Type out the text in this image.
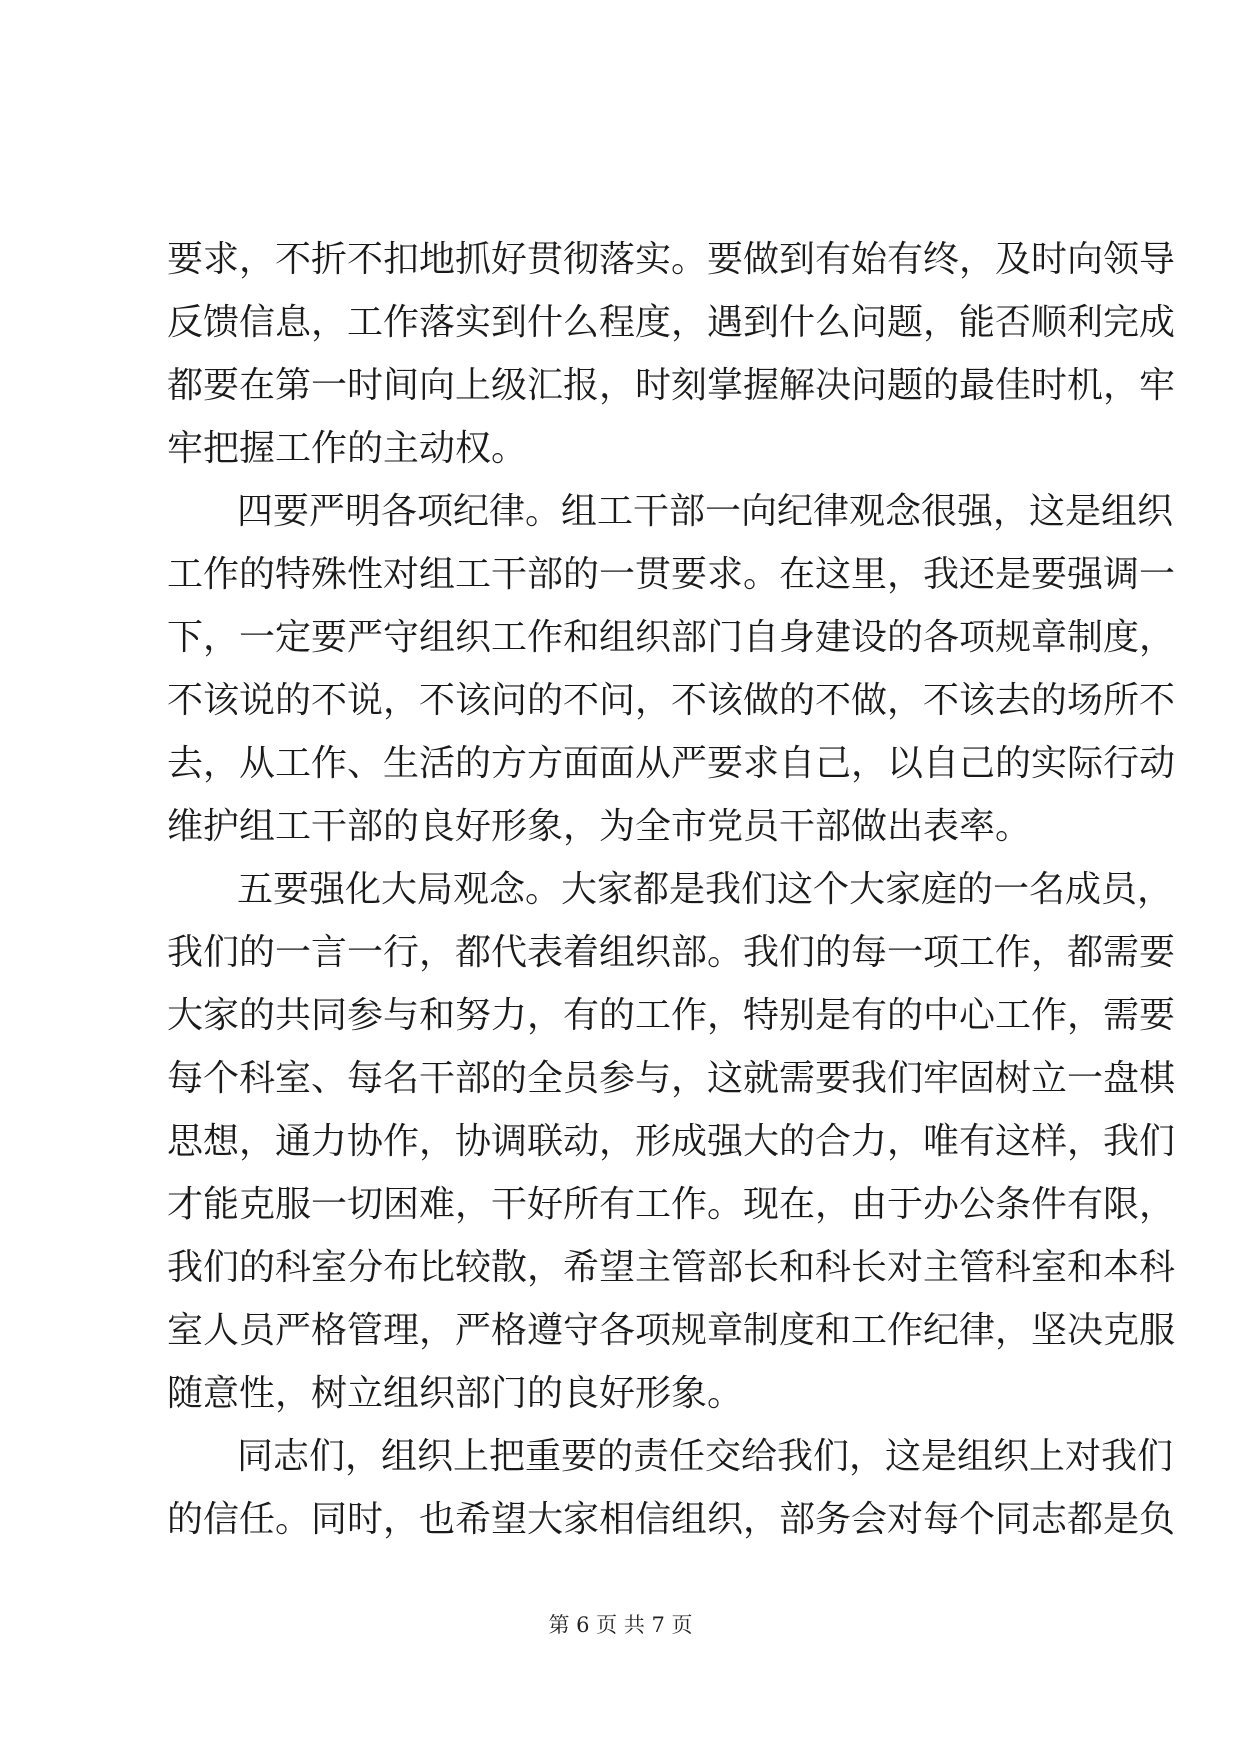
要求，不折不扣地抓好贯彻落实。要做到有始有终，及时向领导
反馈信息，工作落实到什么程度，遇到什么问题，能否顺利完成
都要在第一时间向上级汇报，时刻掌握解决问题的最佳时机，牢
牢把握工作的主动权。
四要严明各项纪律。组工干部一向纪律观念很强，这是组织
工作的特殊性对组工干部的一贯要求。在这里，我还是要强调一
下，一定要严守组织工作和组织部门自身建设的各项规章制度，
不该说的不说，不该问的不问，不该做的不做，不该去的场所不
去，从工作、生活的方方面面从严要求自己，以自己的实际行动
维护组工干部的良好形象，为全市党员干部做出表率。
五要强化大局观念。大家都是我们这个大家庭的一名成员，
我们的一言一行，都代表着组织部。我们的每一项工作，都需要
大家的共同参与和努力，有的工作，特别是有的中心工作，需要
每个科室、每名干部的全员参与，这就需要我们牢固树立一盘棋
思想，通力协作，协调联动，形成强大的合力，唯有这样，我们
才能克服一切困难，干好所有工作。现在，由于办公条件有限，
我们的科室分布比较散，希望主管部长和科长对主管科室和本科
室人员严格管理，严格遵守各项规章制度和工作纪律，坚决克服
随意性，树立组织部门的良好形象。
同志们，组织上把重要的责任交给我们，这是组织上对我们
的信任。同时，也希望大家相信组织，部务会对每个同志都是负
第 6 页 共 7 页
